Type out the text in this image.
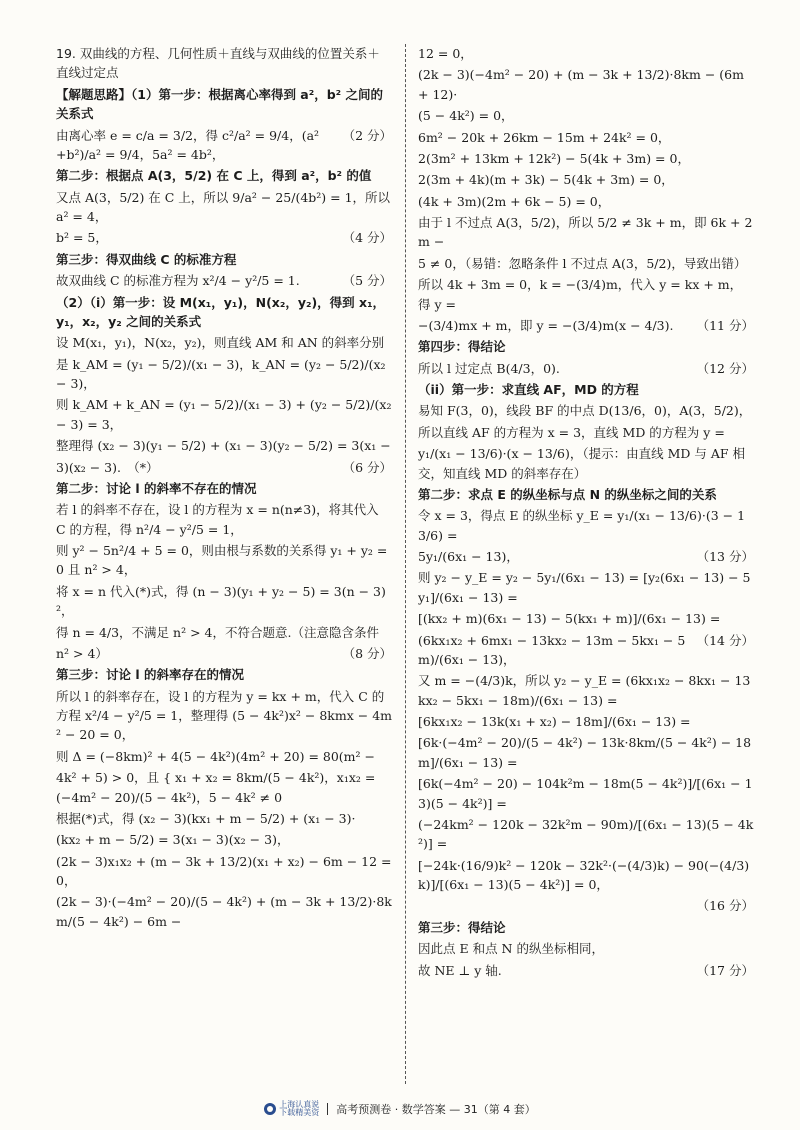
19. 双曲线的方程、几何性质＋直线与双曲线的位置关系＋直线过定点
【解题思路】（1）第一步：根据离心率得到 a²，b² 之间的关系式
由离心率 e = c/a = 3/2，得 c²/a² = 9/4，(a²+b²)/a² = 9/4，5a² = 4b²，
（2 分）
第二步：根据点 A(3，5/2) 在 C 上，得到 a²，b² 的值
又点 A(3，5/2) 在 C 上，所以 9/a² − 25/(4b²) = 1，所以 a² = 4，
b² = 5，	（4 分）
第三步：得双曲线 C 的标准方程
故双曲线 C 的标准方程为 x²/4 − y²/5 = 1.	（5 分）
（2）（i）第一步：设 M(x₁，y₁)，N(x₂，y₂)，得到 x₁，y₁，x₂，y₂ 之间的关系式
设 M(x₁，y₁)，N(x₂，y₂)，则直线 AM 和 AN 的斜率分别
是 k_AM = (y₁ − 5/2)/(x₁ − 3)，k_AN = (y₂ − 5/2)/(x₂ − 3)，
则 k_AM + k_AN = (y₁ − 5/2)/(x₁ − 3) + (y₂ − 5/2)/(x₂ − 3) = 3，
整理得 (x₂ − 3)(y₁ − 5/2) + (x₁ − 3)(y₂ − 5/2) = 3(x₁ −
3)(x₂ − 3).　（*）	（6 分）
第二步：讨论 l 的斜率不存在的情况
若 l 的斜率不存在，设 l 的方程为 x = n(n≠3)，将其代入 C 的方程，得 n²/4 − y²/5 = 1，
则 y² − 5n²/4 + 5 = 0，则由根与系数的关系得 y₁ + y₂ = 0 且 n² > 4，
将 x = n 代入(*)式，得 (n − 3)(y₁ + y₂ − 5) = 3(n − 3)²，
得 n = 4/3，不满足 n² > 4，不符合题意.（注意隐含条件
n² > 4）	（8 分）
第三步：讨论 l 的斜率存在的情况
所以 l 的斜率存在，设 l 的方程为 y = kx + m，代入 C 的方程 x²/4 − y²/5 = 1，整理得 (5 − 4k²)x² − 8kmx − 4m² − 20 = 0，
则 Δ = (−8km)² + 4(5 − 4k²)(4m² + 20) = 80(m² −
4k² + 5) > 0，且 { x₁ + x₂ = 8km/(5 − 4k²)，x₁x₂ = (−4m² − 20)/(5 − 4k²)，5 − 4k² ≠ 0
根据(*)式，得 (x₂ − 3)(kx₁ + m − 5/2) + (x₁ − 3)·
(kx₂ + m − 5/2) = 3(x₁ − 3)(x₂ − 3)，
(2k − 3)x₁x₂ + (m − 3k + 13/2)(x₁ + x₂) − 6m − 12 = 0，
(2k − 3)·(−4m² − 20)/(5 − 4k²) + (m − 3k + 13/2)·8km/(5 − 4k²) − 6m −
12 = 0，
(2k − 3)(−4m² − 20) + (m − 3k + 13/2)·8km − (6m + 12)·
(5 − 4k²) = 0，
6m² − 20k + 26km − 15m + 24k² = 0，
2(3m² + 13km + 12k²) − 5(4k + 3m) = 0，
2(3m + 4k)(m + 3k) − 5(4k + 3m) = 0，
(4k + 3m)(2m + 6k − 5) = 0，
由于 l 不过点 A(3，5/2)，所以 5/2 ≠ 3k + m，即 6k + 2m −
5 ≠ 0，（易错：忽略条件 l 不过点 A(3，5/2)，导致出错）
所以 4k + 3m = 0，k = −(3/4)m，代入 y = kx + m，得 y =
−(3/4)mx + m，即 y = −(3/4)m(x − 4/3). （11 分）
第四步：得结论
所以 l 过定点 B(4/3，0).	（12 分）
（ii）第一步：求直线 AF，MD 的方程
易知 F(3，0)，线段 BF 的中点 D(13/6，0)，A(3，5/2)，
所以直线 AF 的方程为 x = 3，直线 MD 的方程为 y =
y₁/(x₁ − 13/6)·(x − 13/6)，（提示：由直线 MD 与 AF 相交，知直线 MD 的斜率存在）
第二步：求点 E 的纵坐标与点 N 的纵坐标之间的关系
令 x = 3，得点 E 的纵坐标 y_E = y₁/(x₁ − 13/6)·(3 − 13/6) =
5y₁/(6x₁ − 13)，	（13 分）
则 y₂ − y_E = y₂ − 5y₁/(6x₁ − 13) = [y₂(6x₁ − 13) − 5y₁]/(6x₁ − 13) =
[(kx₂ + m)(6x₁ − 13) − 5(kx₁ + m)]/(6x₁ − 13) =
(6kx₁x₂ + 6mx₁ − 13kx₂ − 13m − 5kx₁ − 5m)/(6x₁ − 13)，
（14 分）
又 m = −(4/3)k，所以 y₂ − y_E = (6kx₁x₂ − 8kx₁ − 13kx₂ − 5kx₁ − 18m)/(6x₁ − 13) =
[6kx₁x₂ − 13k(x₁ + x₂) − 18m]/(6x₁ − 13) =
[6k·(−4m² − 20)/(5 − 4k²) − 13k·8km/(5 − 4k²) − 18m]/(6x₁ − 13) =
[6k(−4m² − 20) − 104k²m − 18m(5 − 4k²)]/[(6x₁ − 13)(5 − 4k²)] =
(−24km² − 120k − 32k²m − 90m)/[(6x₁ − 13)(5 − 4k²)] =
[−24k·(16/9)k² − 120k − 32k²·(−(4/3)k) − 90(−(4/3)k)]/[(6x₁ − 13)(5 − 4k²)] = 0，
（16 分）
第三步：得结论
因此点 E 和点 N 的纵坐标相同，
故 NE ⊥ y 轴.	（17 分）
上海认真说
下载精美资 高考预测卷 · 数学答案 — 31（第 4 套）
